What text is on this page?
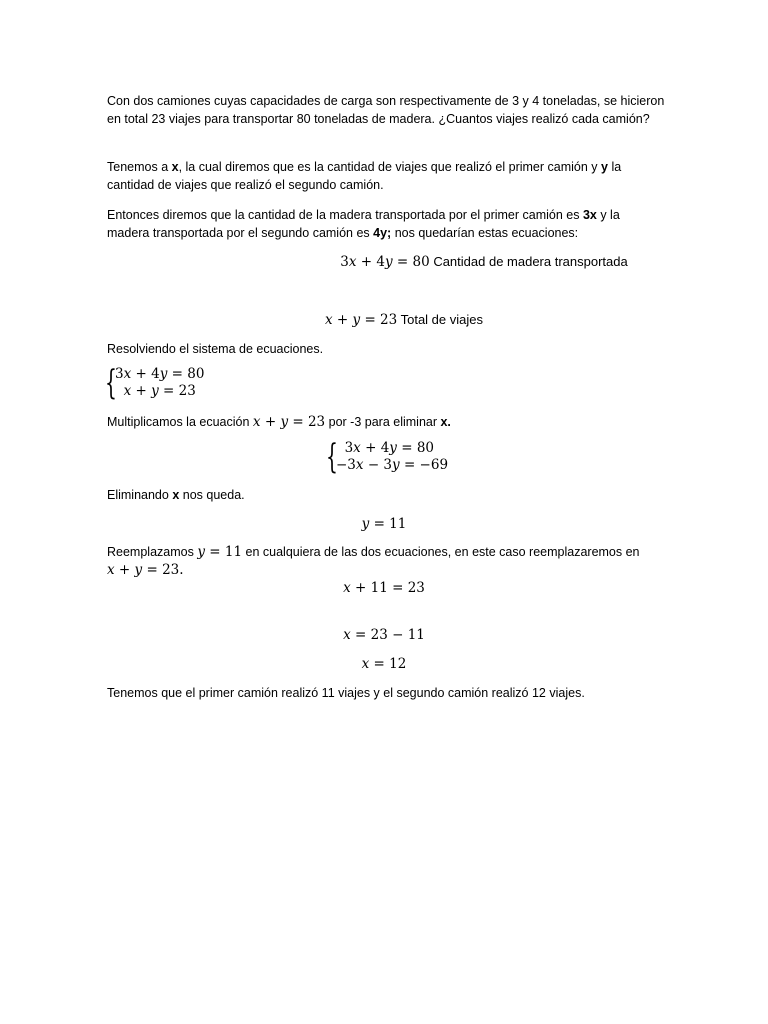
Con dos camiones cuyas capacidades de carga son respectivamente de 3 y 4 toneladas, se hicieron
en total 23 viajes para transportar 80 toneladas de madera. ¿Cuantos viajes realizó cada camión?
Tenemos a x, la cual diremos que es la cantidad de viajes que realizó el primer camión y y la
cantidad de viajes que realizó el segundo camión.
Entonces diremos que la cantidad de la madera transportada por el primer camión es 3x y la
madera transportada por el segundo camión es 4y; nos quedarían estas ecuaciones:
3x + 4y = 80 Cantidad de madera transportada
x + y = 23 Total de viajes
Resolviendo el sistema de ecuaciones.
{
3x + 4y = 80
x + y = 23
Multiplicamos la ecuación x + y = 23 por -3 para eliminar x.
{
3x + 4y = 80
−3x − 3y = −69
Eliminando x nos queda.
y = 11
Reemplazamos y = 11 en cualquiera de las dos ecuaciones, en este caso reemplazaremos en
x + y = 23.
x + 11 = 23
x = 23 − 11
x = 12
Tenemos que el primer camión realizó 11 viajes y el segundo camión realizó 12 viajes.
